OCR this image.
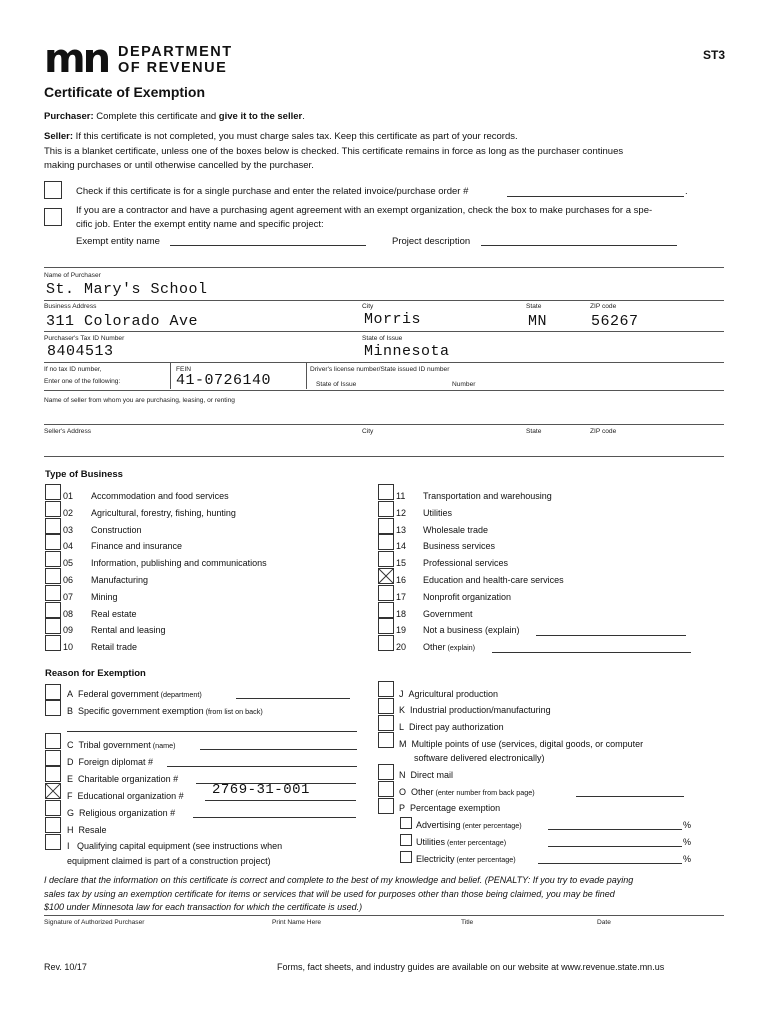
mn DEPARTMENT
OF REVENUE
ST3
Certificate of Exemption
Purchaser: Complete this certificate and give it to the seller.
Seller: If this certificate is not completed, you must charge sales tax. Keep this certificate as part of your records.
This is a blanket certificate, unless one of the boxes below is checked. This certificate remains in force as long as the purchaser continues
making purchases or until otherwise cancelled by the purchaser.
Check if this certificate is for a single purchase and enter the related invoice/purchase order #	.
If you are a contractor and have a purchasing agent agreement with an exempt organization, check the box to make purchases for a spe-
cific job. Enter the exempt entity name and specific project:
Exempt entity name	Project description
Name of Purchaser
St. Mary's School
Business Address
311 Colorado Ave
City
Morris
State
MN
ZIP code
56267
Purchaser's Tax ID Number
8404513
State of Issue
Minnesota
If no tax ID number,
Enter one of the following:
FEIN
41-0726140
Driver's license number/State issued ID number
State of Issue	Number
Name of seller from whom you are purchasing, leasing, or renting
Seller's Address	City	State	ZIP code
Type of Business
01 Accommodation and food services
02 Agricultural, forestry, fishing, hunting
03 Construction
04 Finance and insurance
05 Information, publishing and communications
06 Manufacturing
07 Mining
08 Real estate
09 Rental and leasing
10 Retail trade
11 Transportation and warehousing
12 Utilities
13 Wholesale trade
14 Business services
15 Professional services
16 Education and health-care services
17 Nonprofit organization
18 Government
19 Not a business (explain)
20 Other (explain)
Reason for Exemption
A Federal government (department)
B Specific government exemption (from list on back)
C Tribal government (name)
D Foreign diplomat #
E Charitable organization #
F Educational organization # 2769-31-001
G Religious organization #
H Resale
I Qualifying capital equipment (see instructions when
equipment claimed is part of a construction project)
J Agricultural production
K Industrial production/manufacturing
L Direct pay authorization
M Multiple points of use (services, digital goods, or computer
software delivered electronically)
N Direct mail
O Other (enter number from back page)
P Percentage exemption
Advertising (enter percentage)	%
Utilities (enter percentage)	%
Electricity (enter percentage)	%
I declare that the information on this certificate is correct and complete to the best of my knowledge and belief. (PENALTY: If you try to evade paying
sales tax by using an exemption certificate for items or services that will be used for purposes other than those being claimed, you may be fined
$100 under Minnesota law for each transaction for which the certificate is used.)
Signature of Authorized Purchaser	Print Name Here	Title	Date
Rev. 10/17	Forms, fact sheets, and industry guides are available on our website at www.revenue.state.mn.us
